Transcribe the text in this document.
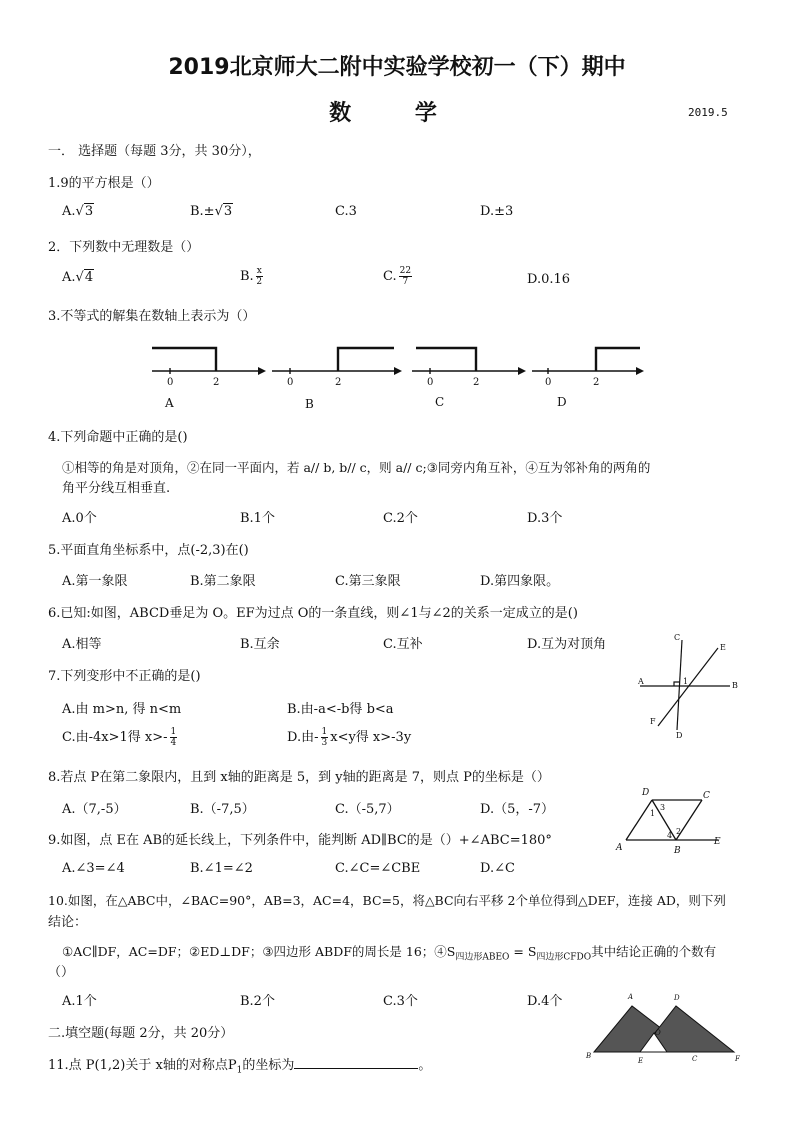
2019北京师大二附中实验学校初一（下）期中
数 学	2019.5
一． 选择题（每题 3分，共 30分），
1.9的平方根是（）
A.√3	B.±√3	C.3	D.±3
2．下列数中无理数是（）
A.√4	B. $\frac{x}{2}$	C. $\frac{22}{7}$	D.0.16
3.不等式的解集在数轴上表示为（）
0	2	0	2	0	2	0	2
A	B	C	D
4.下列命题中正确的是()
①相等的角是对顶角，②在同一平面内，若 a// b, b// c，则 a// c;③同旁内角互补，④互为邻补角的两角的
角平分线互相垂直.
A.0个	B.1个	C.2个	D.3个
5.平面直角坐标系中，点(-2,3)在()
A.第一象限	B.第二象限	C.第三象限	D.第四象限。
6.已知:如图，ABCD垂足为 O。EF为过点 O的一条直线，则∠1与∠2的关系一定成立的是()
A.相等	B.互余	C.互补	D.互为对顶角	C
E
A	B
F
D
1
7.下列变形中不正确的是()
A.由 m>n, 得 n<m	B.由-a<-b得 b<a
C.由-4x>1得 $x>- \frac{1}{4}$	D.由- $\frac{1}{3} x<y$得 x>-3y
8.若点 P在第二象限内，且到 x轴的距离是 5，到 y轴的距离是 7，则点 P的坐标是（）
A.（7,-5）	B.（-7,5）	C.（-5,7）	D.（5，-7）
9.如图，点 E在 AB的延长线上，下列条件中，能判断 AD∥BC的是（）+∠ABC=180°
A.∠3=∠4	B.∠1=∠2	C.∠C=∠CBE	D.∠C
D	C
A	B
E
1
2
3
4
10.如图，在△ABC中，∠BAC=90°，AB=3，AC=4，BC=5，将△BC向右平移 2个单位得到△DEF，连接 AD，则下列
结论：
①AC∥DF，AC=DF；②ED⊥DF；③四边形 ABDF的周长是 16；$④S_{四边形ABEO} = S_{四边形CFDO}$其中结论正确的个数有
（）
A.1个	B.2个	C.3个	D.4个	A	D
O
B
E	C	F
二.填空题(每题 2分，共 20分）
11.点 P(1,2)关于 x轴的对称点$P_1$的坐标为	。
